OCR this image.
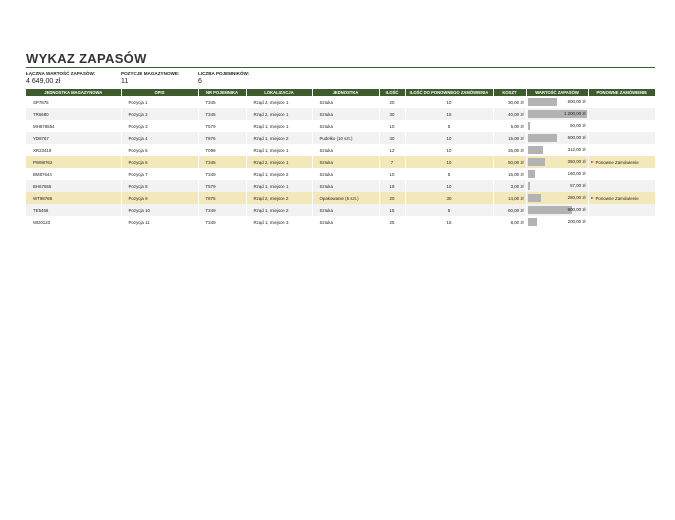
WYKAZ ZAPASÓW
ŁĄCZNA WARTOŚĆ ZAPASÓW:
4 649,00 zł
POZYCJE MAGAZYNOWE:
11
LICZBA POJEMNIKÓW:
6
JEDNOSTKA MAGAZYNOWA	OPIS	NR POJEMNIKA	LOKALIZACJA	JEDNOSTKA	ILOŚĆ	ILOŚĆ DO PONOWNEGO ZAMÓWIENIA	KOSZT	WARTOŚĆ ZAPASÓW	PONOWNE ZAMÓWIENIE
SP7875	Pozycja 1	T345	Rząd 2, miejsce 1	Sztuka	20	10	30,00 zł	600,00 zł	

TR6680	Pozycja 2	T345	Rząd 2, miejsce 1	Sztuka	30	15	40,00 zł	1 200,00 zł	

MH676554	Pozycja 3	T579	Rząd 1, miejsce 1	Sztuka	10	5	5,00 zł	50,00 zł	

YD8767	Pozycja 4	T876	Rząd 1, miejsce 2	Pudełko (10 szt.)	40	10	15,00 zł	600,00 zł	

XR23419	Pozycja 5	T098	Rząd 1, miejsce 1	Sztuka	12	10	26,00 zł	312,00 zł	

PW98762	Pozycja 6	T345	Rząd 2, miejsce 1	Sztuka	7	10	50,00 zł	350,00 zł	Ponowne Zamówienie
BM87644	Pozycja 7	T349	Rząd 1, miejsce 2	Sztuka	10	5	16,00 zł	160,00 zł	

BH67655	Pozycja 8	T579	Rząd 1, miejsce 1	Sztuka	19	10	3,00 zł	57,00 zł	

WT98768	Pozycja 9	T875	Rząd 2, miejsce 2	Opakowanie (5 szt.)	20	30	14,00 zł	280,00 zł	Ponowne Zamówienie
TE5456	Pozycja 10	T349	Rząd 1, miejsce 2	Sztuka	15	5	60,00 zł	900,00 zł	

WD0123	Pozycja 11	T349	Rząd 1, miejsce 3	Sztuka	25	15	8,00 zł	200,00 zł	
